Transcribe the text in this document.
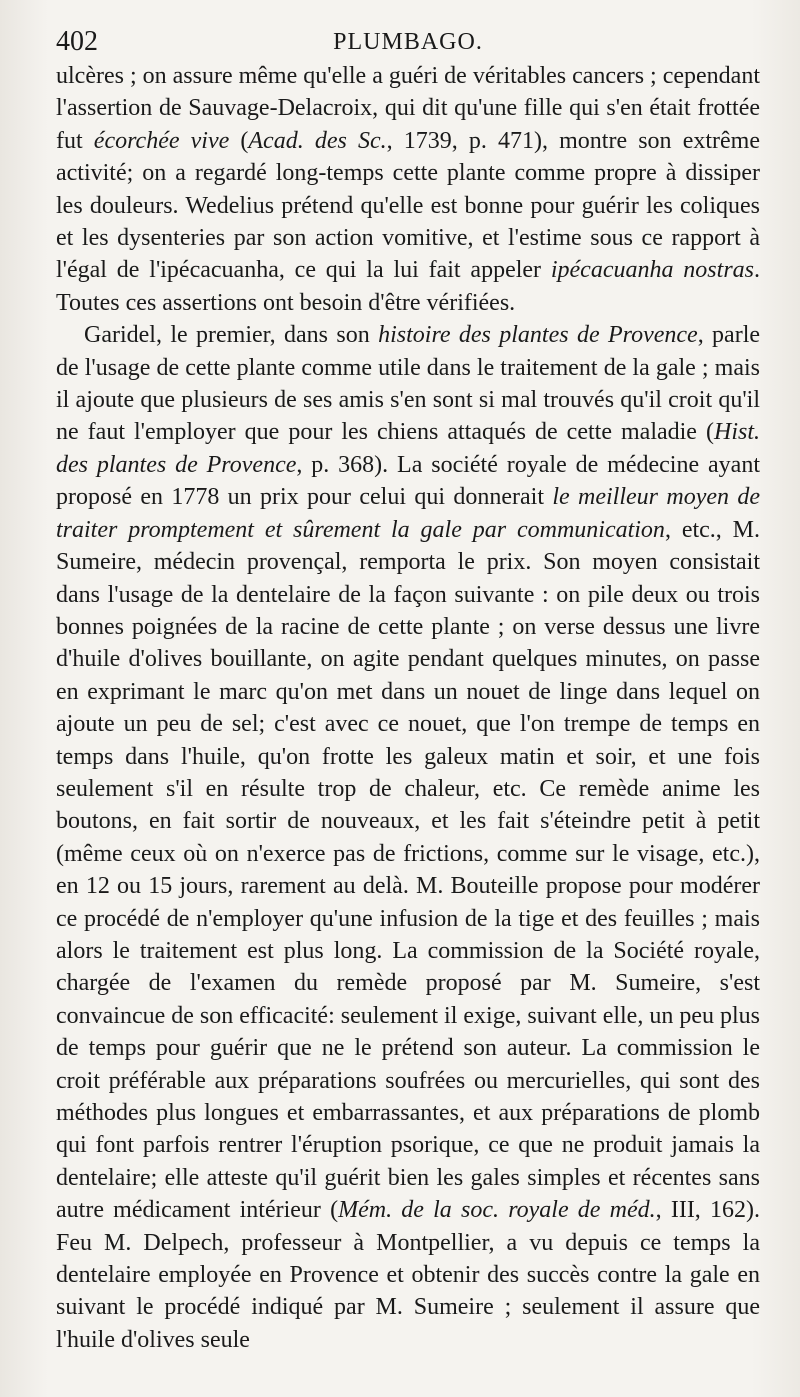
402	PLUMBAGO.

ulcères ; on assure même qu'elle a guéri de véritables cancers ; cependant l'assertion de Sauvage-Delacroix, qui dit qu'une fille qui s'en était frottée fut écorchée vive (Acad. des Sc., 1739, p. 471), montre son extrême activité; on a regardé long-temps cette plante comme propre à dissiper les douleurs. Wedelius prétend qu'elle est bonne pour guérir les coliques et les dysenteries par son action vomitive, et l'estime sous ce rapport à l'égal de l'ipécacuanha, ce qui la lui fait appeler ipécacuanha nostras. Toutes ces assertions ont besoin d'être vérifiées.

Garidel, le premier, dans son histoire des plantes de Provence, parle de l'usage de cette plante comme utile dans le traitement de la gale ; mais il ajoute que plusieurs de ses amis s'en sont si mal trouvés qu'il croit qu'il ne faut l'employer que pour les chiens attaqués de cette maladie (Hist. des plantes de Provence, p. 368). La société royale de médecine ayant proposé en 1778 un prix pour celui qui donnerait le meilleur moyen de traiter promptement et sûrement la gale par communication, etc., M. Sumeire, médecin provençal, remporta le prix. Son moyen consistait dans l'usage de la dentelaire de la façon suivante : on pile deux ou trois bonnes poignées de la racine de cette plante ; on verse dessus une livre d'huile d'olives bouillante, on agite pendant quelques minutes, on passe en exprimant le marc qu'on met dans un nouet de linge dans lequel on ajoute un peu de sel; c'est avec ce nouet, que l'on trempe de temps en temps dans l'huile, qu'on frotte les galeux matin et soir, et une fois seulement s'il en résulte trop de chaleur, etc. Ce remède anime les boutons, en fait sortir de nouveaux, et les fait s'éteindre petit à petit (même ceux où on n'exerce pas de frictions, comme sur le visage, etc.), en 12 ou 15 jours, rarement au delà. M. Bouteille propose pour modérer ce procédé de n'employer qu'une infusion de la tige et des feuilles ; mais alors le traitement est plus long. La commission de la Société royale, chargée de l'examen du remède proposé par M. Sumeire, s'est convaincue de son efficacité: seulement il exige, suivant elle, un peu plus de temps pour guérir que ne le prétend son auteur. La commission le croit préférable aux préparations soufrées ou mercurielles, qui sont des méthodes plus longues et embarrassantes, et aux préparations de plomb qui font parfois rentrer l'éruption psorique, ce que ne produit jamais la dentelaire; elle atteste qu'il guérit bien les gales simples et récentes sans autre médicament intérieur (Mém. de la soc. royale de méd., III, 162). Feu M. Delpech, professeur à Montpellier, a vu depuis ce temps la dentelaire employée en Provence et obtenir des succès contre la gale en suivant le procédé indiqué par M. Sumeire ; seulement il assure que l'huile d'olives seule
